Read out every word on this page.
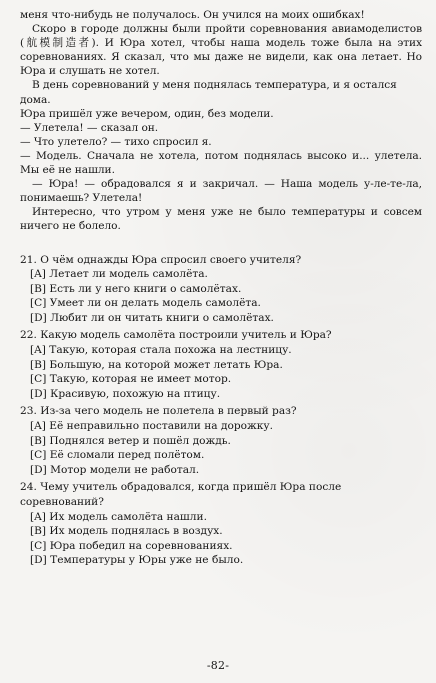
меня что-нибудь не получалось. Он учился на моих ошибках!

Скоро в городе должны были пройти соревнования авиамоделистов (航模制造者). И Юра хотел, чтобы наша модель тоже была на этих соревнованиях. Я сказал, что мы даже не видели, как она летает. Но Юра и слушать не хотел.

В день соревнований у меня поднялась температура, и я остался дома.

Юра пришёл уже вечером, один, без модели.

— Улетела! — сказал он.

— Что улетело? — тихо спросил я.

— Модель. Сначала не хотела, потом поднялась высоко и... улетела. Мы её не нашли.

— Юра! — обрадовался я и закричал. — Наша модель у-ле-те-ла, понимаешь? Улетела!

Интересно, что утром у меня уже не было температуры и совсем ничего не болело.

21. О чём однажды Юра спросил своего учителя?

[A] Летает ли модель самолёта.

[B] Есть ли у него книги о самолётах.

[C] Умеет ли он делать модель самолёта.

[D] Любит ли он читать книги о самолётах.

22. Какую модель самолёта построили учитель и Юра?

[A] Такую, которая стала похожа на лестницу.

[B] Большую, на которой может летать Юра.

[C] Такую, которая не имеет мотор.

[D] Красивую, похожую на птицу.

23. Из-за чего модель не полетела в первый раз?

[A] Её неправильно поставили на дорожку.

[B] Поднялся ветер и пошёл дождь.

[C] Её сломали перед полётом.

[D] Мотор модели не работал.

24. Чему учитель обрадовался, когда пришёл Юра после соревнований?

[A] Их модель самолёта нашли.

[B] Их модель поднялась в воздух.

[C] Юра победил на соревнованиях.

[D] Температуры у Юры уже не было.

-82-
